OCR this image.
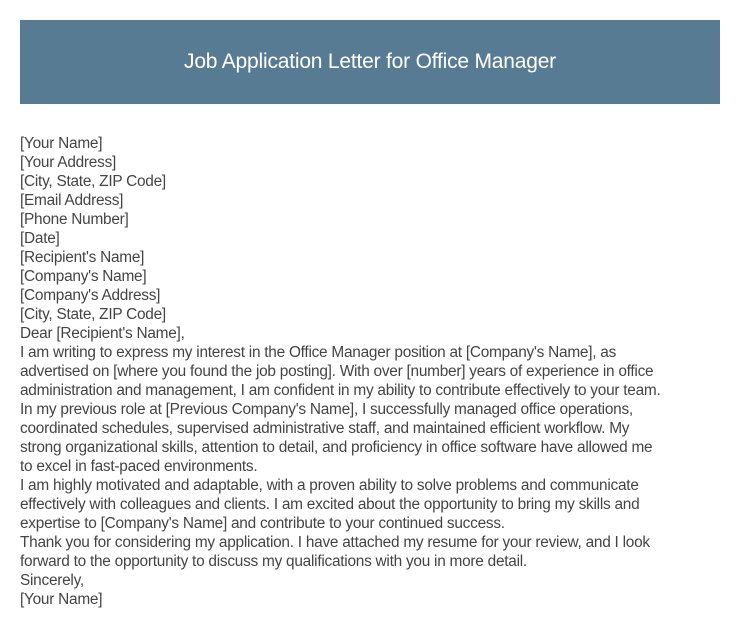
Job Application Letter for Office Manager
[Your Name]
[Your Address]
[City, State, ZIP Code]
[Email Address]
[Phone Number]
[Date]
[Recipient's Name]
[Company's Name]
[Company's Address]
[City, State, ZIP Code]
Dear [Recipient's Name],
I am writing to express my interest in the Office Manager position at [Company's Name], as
advertised on [where you found the job posting]. With over [number] years of experience in office
administration and management, I am confident in my ability to contribute effectively to your team.
In my previous role at [Previous Company's Name], I successfully managed office operations,
coordinated schedules, supervised administrative staff, and maintained efficient workflow. My
strong organizational skills, attention to detail, and proficiency in office software have allowed me
to excel in fast-paced environments.
I am highly motivated and adaptable, with a proven ability to solve problems and communicate
effectively with colleagues and clients. I am excited about the opportunity to bring my skills and
expertise to [Company's Name] and contribute to your continued success.
Thank you for considering my application. I have attached my resume for your review, and I look
forward to the opportunity to discuss my qualifications with you in more detail.
Sincerely,
[Your Name]
